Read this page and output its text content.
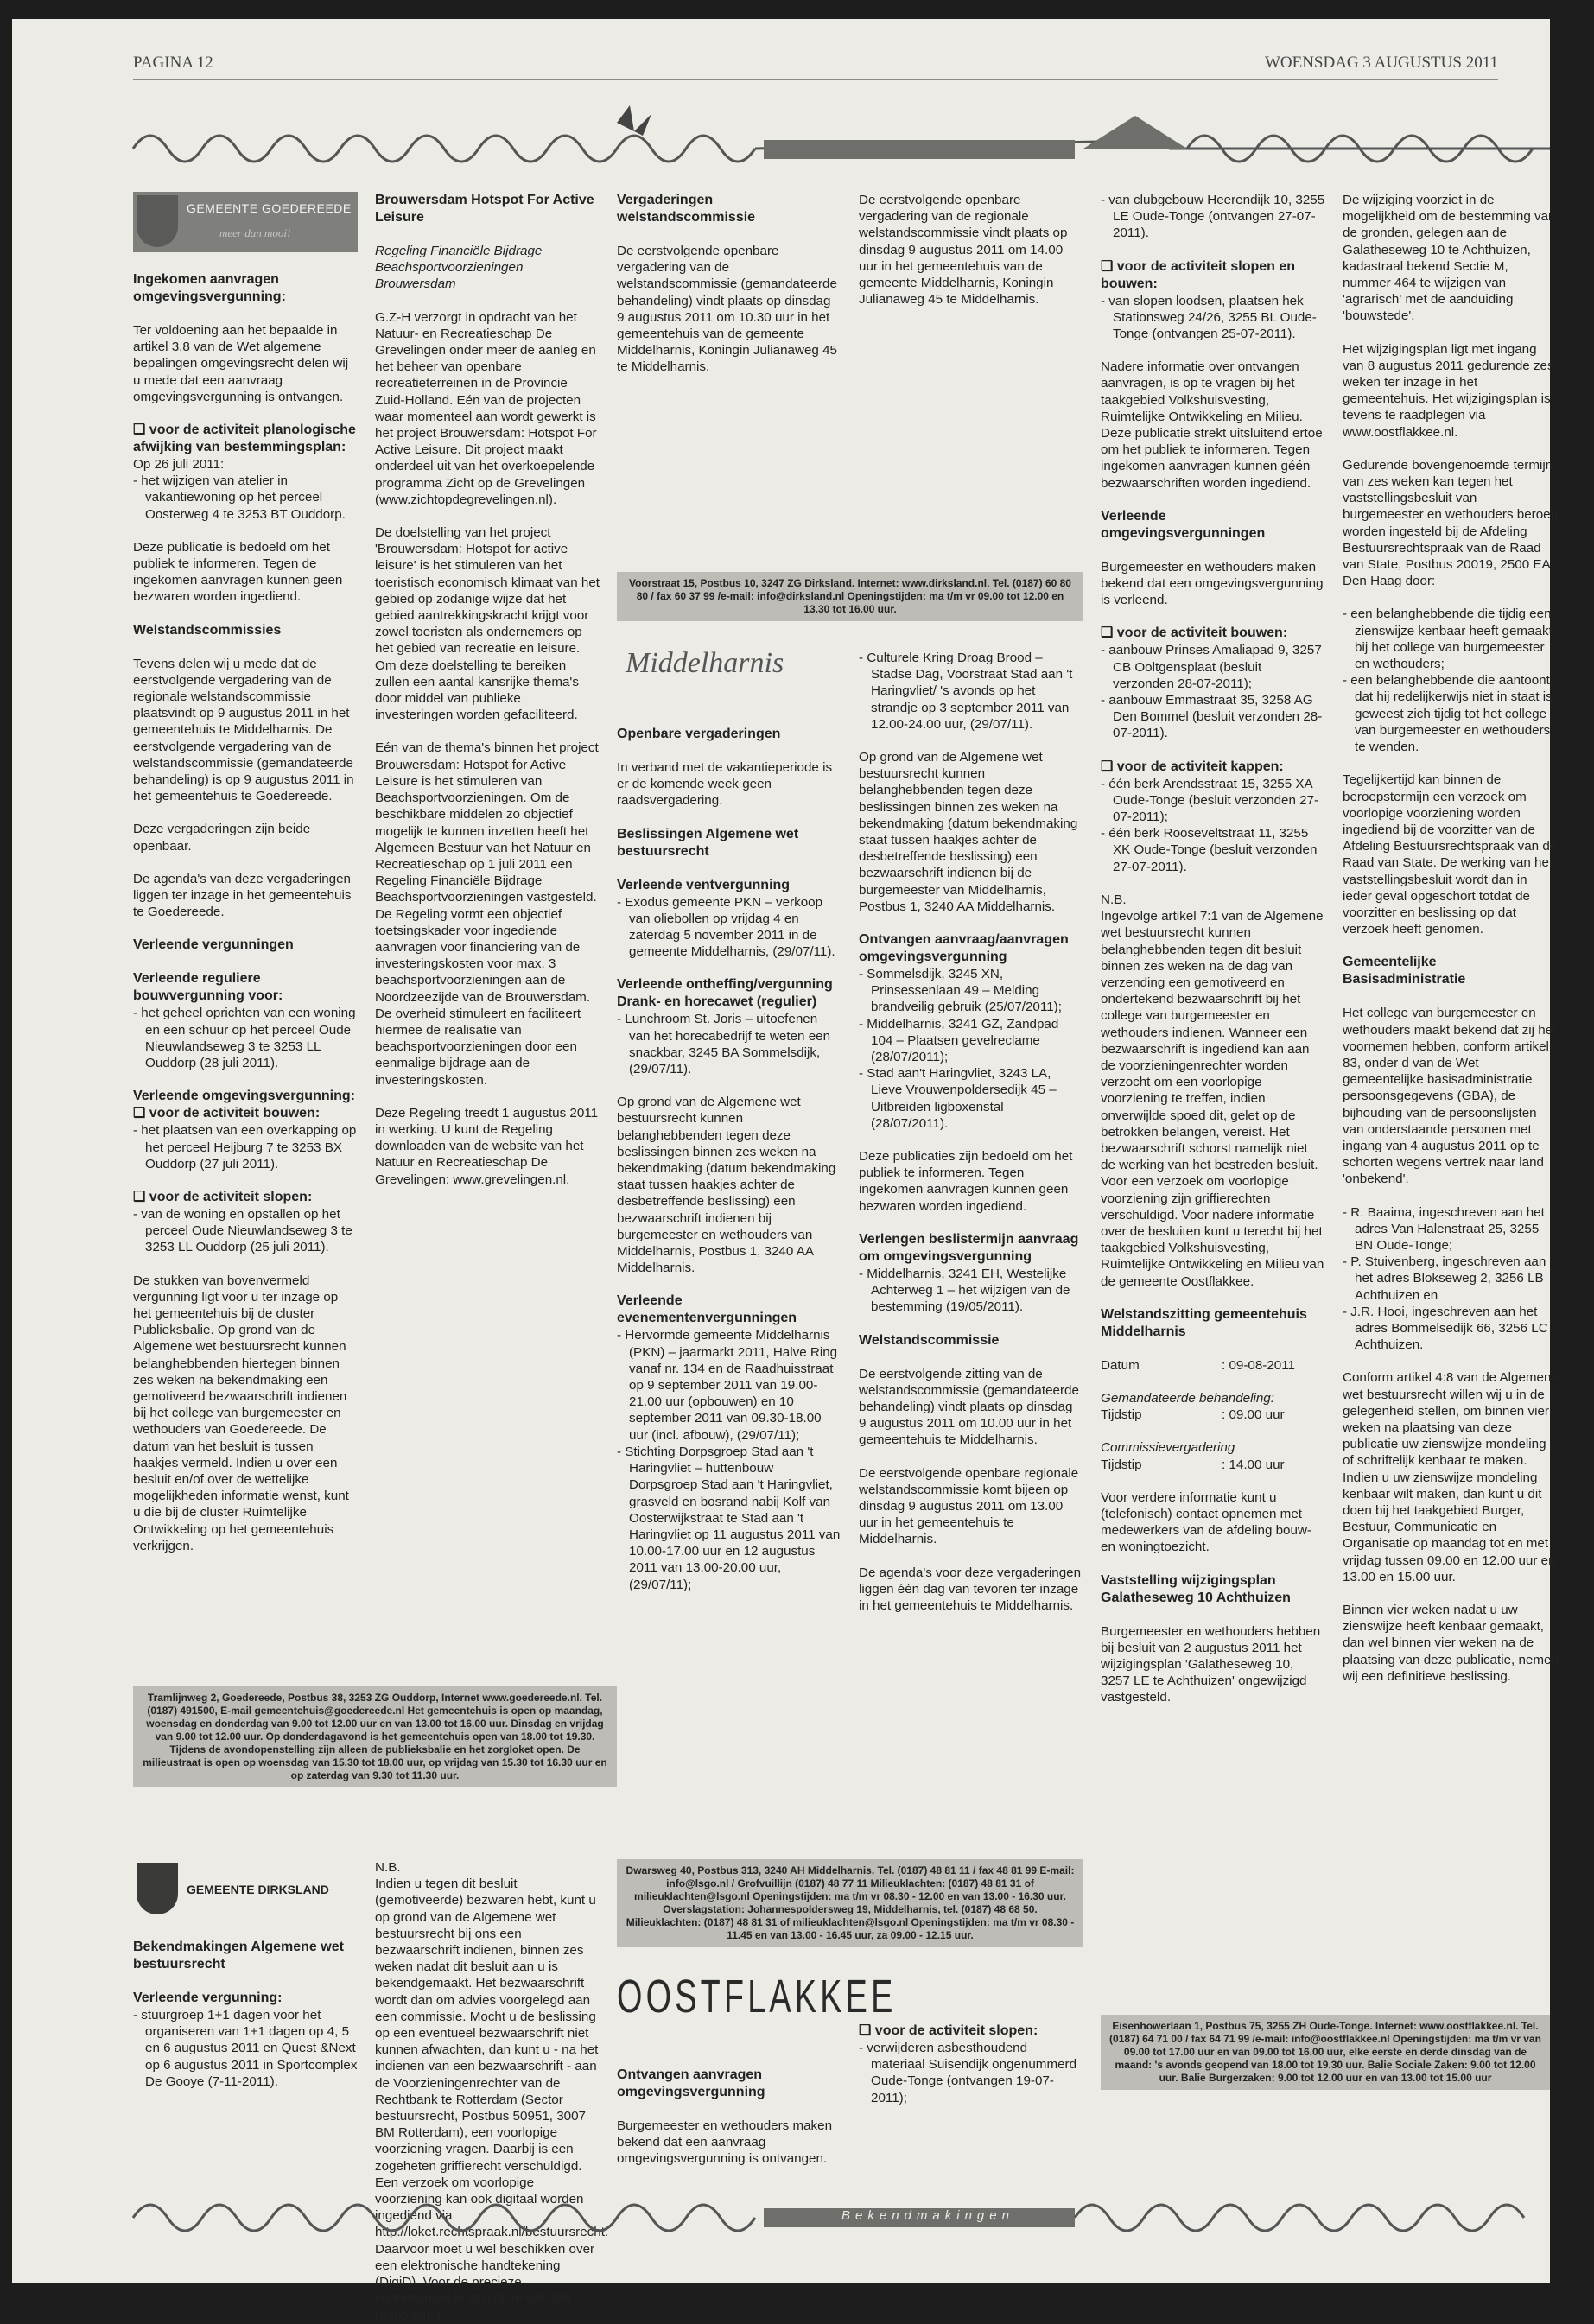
PAGINA 12	WOENSDAG 3 AUGUSTUS 2011
Bekendmakingen
GEMEENTE GOEDEREEDE
meer dan mooi!
Ingekomen aanvragen omgevingsvergunning:

Ter voldoening aan het bepaalde in artikel 3.8 van de Wet algemene bepalingen omgevingsrecht delen wij u mede dat een aanvraag omgevingsvergunning is ontvangen.

❑ voor de activiteit planologische afwijking van bestemmingsplan:
Op 26 juli 2011:
- het wijzigen van atelier in vakantiewoning op het perceel Oosterweg 4 te 3253 BT Ouddorp.

Deze publicatie is bedoeld om het publiek te informeren. Tegen de ingekomen aanvragen kunnen geen bezwaren worden ingediend.

Welstandscommissies

Tevens delen wij u mede dat de eerstvolgende vergadering van de regionale welstandscommissie plaatsvindt op 9 augustus 2011 in het gemeentehuis te Middelharnis. De eerstvolgende vergadering van de welstandscommissie (gemandateerde behandeling) is op 9 augustus 2011 in het gemeentehuis te Goedereede.

Deze vergaderingen zijn beide openbaar.

De agenda's van deze vergaderingen liggen ter inzage in het gemeentehuis te Goedereede.

Verleende vergunningen
Verleende reguliere bouwvergunning voor:
- het geheel oprichten van een woning en een schuur op het perceel Oude Nieuwlandseweg 3 te 3253 LL Ouddorp (28 juli 2011).
Verleende omgevingsvergunning:
❑ voor de activiteit bouwen:
- het plaatsen van een overkapping op het perceel Heijburg 7 te 3253 BX Ouddorp (27 juli 2011).
❑ voor de activiteit slopen:
- van de woning en opstallen op het perceel Oude Nieuwlandseweg 3 te 3253 LL Ouddorp (25 juli 2011).

De stukken van bovenvermeld vergunning ligt voor u ter inzage op het gemeentehuis bij de cluster Publieksbalie. Op grond van de Algemene wet bestuursrecht kunnen belanghebbenden hiertegen binnen zes weken na bekendmaking een gemotiveerd bezwaarschrift indienen bij het college van burgemeester en wethouders van Goedereede. De datum van het besluit is tussen haakjes vermeld. Indien u over een besluit en/of over de wettelijke mogelijkheden informatie wenst, kunt u die bij de cluster Ruimtelijke Ontwikkeling op het gemeentehuis verkrijgen.

Brouwersdam Hotspot For Active Leisure
Regeling Financiële Bijdrage Beachsportvoorzieningen Brouwersdam

G.Z-H verzorgt in opdracht van het Natuur- en Recreatieschap De Grevelingen onder meer de aanleg en het beheer van openbare recreatieterreinen in de Provincie Zuid-Holland. Eén van de projecten waar momenteel aan wordt gewerkt is het project Brouwersdam: Hotspot For Active Leisure. Dit project maakt onderdeel uit van het overkoepelende programma Zicht op de Grevelingen (www.zichtopdegrevelingen.nl).

De doelstelling van het project 'Brouwersdam: Hotspot for active leisure' is het stimuleren van het toeristisch economisch klimaat van het gebied op zodanige wijze dat het gebied aantrekkingskracht krijgt voor zowel toeristen als ondernemers op het gebied van recreatie en leisure. Om deze doelstelling te bereiken zullen een aantal kansrijke thema's door middel van publieke investeringen worden gefaciliteerd.

Eén van de thema's binnen het project Brouwersdam: Hotspot for Active Leisure is het stimuleren van Beachsportvoorzieningen. Om de beschikbare middelen zo objectief mogelijk te kunnen inzetten heeft het Algemeen Bestuur van het Natuur en Recreatieschap op 1 juli 2011 een Regeling Financiële Bijdrage Beachsportvoorzieningen vastgesteld. De Regeling vormt een objectief toetsingskader voor ingediende aanvragen voor financiering van de investeringskosten voor max. 3 beachsportvoorzieningen aan de Noordzeezijde van de Brouwersdam. De overheid stimuleert en faciliteert hiermee de realisatie van beachsportvoorzieningen door een eenmalige bijdrage aan de investeringskosten.

Deze Regeling treedt 1 augustus 2011 in werking. U kunt de Regeling downloaden van de website van het Natuur en Recreatieschap De Grevelingen: www.grevelingen.nl.

Tramlijnweg 2, Goedereede, Postbus 38, 3253 ZG Ouddorp, Internet www.goedereede.nl. Tel. (0187) 491500, E-mail gemeentehuis@goedereede.nl Het gemeentehuis is open op maandag, woensdag en donderdag van 9.00 tot 12.00 uur en van 13.00 tot 16.00 uur. Dinsdag en vrijdag van 9.00 tot 12.00 uur. Op donderdagavond is het gemeentehuis open van 18.00 tot 19.30. Tijdens de avondopenstelling zijn alleen de publieksbalie en het zorgloket open. De milieustraat is open op woensdag van 15.30 tot 18.00 uur, op vrijdag van 15.30 tot 16.30 uur en op zaterdag van 9.30 tot 11.30 uur.
GEMEENTE DIRKSLAND
Bekendmakingen Algemene wet bestuursrecht
Verleende vergunning:
- stuurgroep 1+1 dagen voor het organiseren van 1+1 dagen op 4, 5 en 6 augustus 2011 en Quest &Next op 6 augustus 2011 in Sportcomplex De Gooye (7-11-2011).
N.B.

Indien u tegen dit besluit (gemotiveerde) bezwaren hebt, kunt u op grond van de Algemene wet bestuursrecht bij ons een bezwaarschrift indienen, binnen zes weken nadat dit besluit aan u is bekendgemaakt. Het bezwaarschrift wordt dan om advies voorgelegd aan een commissie. Mocht u de beslissing op een eventueel bezwaarschrift niet kunnen afwachten, dan kunt u - na het indienen van een bezwaarschrift - aan de Voorzieningenrechter van de Rechtbank te Rotterdam (Sector bestuursrecht, Postbus 50951, 3007 BM Rotterdam), een voorlopige voorziening vragen. Daarbij is een zogeheten griffierecht verschuldigd. Een verzoek om voorlopige voorziening kan ook digitaal worden ingediend via http://loket.rechtspraak.nl/bestuursrecht. Daarvoor moet u wel beschikken over een elektronische handtekening (DigiD). Voor de precieze voorwaarden kunt u deze website raadplegen.

Vergaderingen welstandscommissie

De eerstvolgende openbare vergadering van de welstandscommissie (gemandateerde behandeling) vindt plaats op dinsdag 9 augustus 2011 om 10.30 uur in het gemeentehuis van de gemeente Middelharnis, Koningin Julianaweg 45 te Middelharnis.

De eerstvolgende openbare vergadering van de regionale welstandscommissie vindt plaats op dinsdag 9 augustus 2011 om 14.00 uur in het gemeentehuis van de gemeente Middelharnis, Koningin Julianaweg 45 te Middelharnis.

Voorstraat 15, Postbus 10, 3247 ZG Dirksland. Internet: www.dirksland.nl. Tel. (0187) 60 80 80 / fax 60 37 99 /e-mail: info@dirksland.nl Openingstijden: ma t/m vr 09.00 tot 12.00 en 13.30 tot 16.00 uur.
Middelharnis
Openbare vergaderingen

In verband met de vakantieperiode is er de komende week geen raadsvergadering.

Beslissingen Algemene wet bestuursrecht
Verleende ventvergunning
- Exodus gemeente PKN – verkoop van oliebollen op vrijdag 4 en zaterdag 5 november 2011 in de gemeente Middelharnis, (29/07/11).
Verleende ontheffing/vergunning Drank- en horecawet (regulier)
- Lunchroom St. Joris – uitoefenen van het horecabedrijf te weten een snackbar, 3245 BA Sommelsdijk, (29/07/11).

Op grond van de Algemene wet bestuursrecht kunnen belanghebbenden tegen deze beslissingen binnen zes weken na bekendmaking (datum bekendmaking staat tussen haakjes achter de desbetreffende beslissing) een bezwaarschrift indienen bij burgemeester en wethouders van Middelharnis, Postbus 1, 3240 AA Middelharnis.

Verleende evenementenvergunningen
- Hervormde gemeente Middelharnis (PKN) – jaarmarkt 2011, Halve Ring vanaf nr. 134 en de Raadhuisstraat op 9 september 2011 van 19.00- 21.00 uur (opbouwen) en 10 september 2011 van 09.30-18.00 uur (incl. afbouw), (29/07/11);
- Stichting Dorpsgroep Stad aan 't Haringvliet – huttenbouw Dorpsgroep Stad aan 't Haringvliet, grasveld en bosrand nabij Kolf van Oosterwijkstraat te Stad aan 't Haringvliet op 11 augustus 2011 van 10.00-17.00 uur en 12 augustus 2011 van 13.00-20.00 uur, (29/07/11);
- Culturele Kring Droag Brood – Stadse Dag, Voorstraat Stad aan 't Haringvliet/ 's avonds op het strandje op 3 september 2011 van 12.00-24.00 uur, (29/07/11).

Op grond van de Algemene wet bestuursrecht kunnen belanghebbenden tegen deze beslissingen binnen zes weken na bekendmaking (datum bekendmaking staat tussen haakjes achter de desbetreffende beslissing) een bezwaarschrift indienen bij de burgemeester van Middelharnis, Postbus 1, 3240 AA Middelharnis.

Ontvangen aanvraag/aanvragen omgevingsvergunning
- Sommelsdijk, 3245 XN, Prinsessenlaan 49 – Melding brandveilig gebruik (25/07/2011);
- Middelharnis, 3241 GZ, Zandpad 104 – Plaatsen gevelreclame (28/07/2011);
- Stad aan't Haringvliet, 3243 LA, Lieve Vrouwenpoldersedijk 45 – Uitbreiden ligboxenstal (28/07/2011).

Deze publicaties zijn bedoeld om het publiek te informeren. Tegen ingekomen aanvragen kunnen geen bezwaren worden ingediend.

Verlengen beslistermijn aanvraag om omgevingsvergunning
- Middelharnis, 3241 EH, Westelijke Achterweg 1 – het wijzigen van de bestemming (19/05/2011).
Welstandscommissie

De eerstvolgende zitting van de welstandscommissie (gemandateerde behandeling) vindt plaats op dinsdag 9 augustus 2011 om 10.00 uur in het gemeentehuis te Middelharnis.

De eerstvolgende openbare regionale welstandscommissie komt bijeen op dinsdag 9 augustus 2011 om 13.00 uur in het gemeentehuis te Middelharnis.

De agenda's voor deze vergaderingen liggen één dag van tevoren ter inzage in het gemeentehuis te Middelharnis.

Dwarsweg 40, Postbus 313, 3240 AH Middelharnis. Tel. (0187) 48 81 11 / fax 48 81 99 E-mail: info@lsgo.nl / Grofvuillijn (0187) 48 77 11 Milieuklachten: (0187) 48 81 31 of milieuklachten@lsgo.nl Openingstijden: ma t/m vr 08.30 - 12.00 en van 13.00 - 16.30 uur. Overslagstation: Johannespoldersweg 19, Middelharnis, tel. (0187) 48 68 50. Milieuklachten: (0187) 48 81 31 of milieuklachten@lsgo.nl Openingstijden: ma t/m vr 08.30 - 11.45 en van 13.00 - 16.45 uur, za 09.00 - 12.15 uur.
OOSTFLAKKEE
Ontvangen aanvragen omgevingsvergunning

Burgemeester en wethouders maken bekend dat een aanvraag omgevingsvergunning is ontvangen.

❑ voor de activiteit slopen:
- verwijderen asbesthoudend materiaal Suisendijk ongenummerd Oude-Tonge (ontvangen 19-07-2011);
- van clubgebouw Heerendijk 10, 3255 LE Oude-Tonge (ontvangen 27-07-2011).
❑ voor de activiteit slopen en bouwen:
- van slopen loodsen, plaatsen hek Stationsweg 24/26, 3255 BL Oude-Tonge (ontvangen 25-07-2011).

Nadere informatie over ontvangen aanvragen, is op te vragen bij het taakgebied Volkshuisvesting, Ruimtelijke Ontwikkeling en Milieu. Deze publicatie strekt uitsluitend ertoe om het publiek te informeren. Tegen ingekomen aanvragen kunnen géén bezwaarschriften worden ingediend.

Verleende omgevingsvergunningen

Burgemeester en wethouders maken bekend dat een omgevingsvergunning is verleend.

❑ voor de activiteit bouwen:
- aanbouw Prinses Amaliapad 9, 3257 CB Ooltgensplaat (besluit verzonden 28-07-2011);
- aanbouw Emmastraat 35, 3258 AG Den Bommel (besluit verzonden 28-07-2011).
❑ voor de activiteit kappen:
- één berk Arendsstraat 15, 3255 XA Oude-Tonge (besluit verzonden 27-07-2011);
- één berk Rooseveltstraat 11, 3255 XK Oude-Tonge (besluit verzonden 27-07-2011).
N.B.

Ingevolge artikel 7:1 van de Algemene wet bestuursrecht kunnen belanghebbenden tegen dit besluit binnen zes weken na de dag van verzending een gemotiveerd en ondertekend bezwaarschrift bij het college van burgemeester en wethouders indienen. Wanneer een bezwaarschrift is ingediend kan aan de voorzieningenrechter worden verzocht om een voorlopige voorziening te treffen, indien onverwijlde spoed dit, gelet op de betrokken belangen, vereist. Het bezwaarschrift schorst namelijk niet de werking van het bestreden besluit. Voor een verzoek om voorlopige voorziening zijn griffierechten verschuldigd. Voor nadere informatie over de besluiten kunt u terecht bij het taakgebied Volkshuisvesting, Ruimtelijke Ontwikkeling en Milieu van de gemeente Oostflakkee.

Welstandszitting gemeentehuis Middelharnis
Datum	: 09-08-2011
Gemandateerde behandeling:
Tijdstip	: 09.00 uur
Commissievergadering
Tijdstip	: 14.00 uur

Voor verdere informatie kunt u (telefonisch) contact opnemen met medewerkers van de afdeling bouw- en woningtoezicht.

Vaststelling wijzigingsplan Galatheseweg 10 Achthuizen

Burgemeester en wethouders hebben bij besluit van 2 augustus 2011 het wijzigingsplan 'Galatheseweg 10, 3257 LE te Achthuizen' ongewijzigd vastgesteld.

De wijziging voorziet in de mogelijkheid om de bestemming van de gronden, gelegen aan de Galatheseweg 10 te Achthuizen, kadastraal bekend Sectie M, nummer 464 te wijzigen van 'agrarisch' met de aanduiding 'bouwstede'.

Het wijzigingsplan ligt met ingang van 8 augustus 2011 gedurende zes weken ter inzage in het gemeentehuis. Het wijzigingsplan is tevens te raadplegen via www.oostflakkee.nl.

Gedurende bovengenoemde termijn van zes weken kan tegen het vaststellingsbesluit van burgemeester en wethouders beroep worden ingesteld bij de Afdeling Bestuursrechtspraak van de Raad van State, Postbus 20019, 2500 EA Den Haag door:

- een belanghebbende die tijdig een zienswijze kenbaar heeft gemaakt bij het college van burgemeester en wethouders;
- een belanghebbende die aantoont dat hij redelijkerwijs niet in staat is geweest zich tijdig tot het college van burgemeester en wethouders te wenden.

Tegelijkertijd kan binnen de beroepstermijn een verzoek om voorlopige voorziening worden ingediend bij de voorzitter van de Afdeling Bestuursrechtspraak van de Raad van State. De werking van het vaststellingsbesluit wordt dan in ieder geval opgeschort totdat de voorzitter en beslissing op dat verzoek heeft genomen.

Gemeentelijke Basisadministratie

Het college van burgemeester en wethouders maakt bekend dat zij het voornemen hebben, conform artikel 83, onder d van de Wet gemeentelijke basisadministratie persoonsgegevens (GBA), de bijhouding van de persoonslijsten van onderstaande personen met ingang van 4 augustus 2011 op te schorten wegens vertrek naar land 'onbekend'.

- R. Baaima, ingeschreven aan het adres Van Halenstraat 25, 3255 BN Oude-Tonge;
- P. Stuivenberg, ingeschreven aan het adres Blokseweg 2, 3256 LB Achthuizen en
- J.R. Hooi, ingeschreven aan het adres Bommelsedijk 66, 3256 LC Achthuizen.

Conform artikel 4:8 van de Algemene wet bestuursrecht willen wij u in de gelegenheid stellen, om binnen vier weken na plaatsing van deze publicatie uw zienswijze mondeling of schriftelijk kenbaar te maken. Indien u uw zienswijze mondeling kenbaar wilt maken, dan kunt u dit doen bij het taakgebied Burger, Bestuur, Communicatie en Organisatie op maandag tot en met vrijdag tussen 09.00 en 12.00 uur en 13.00 en 15.00 uur.

Binnen vier weken nadat u uw zienswijze heeft kenbaar gemaakt, dan wel binnen vier weken na de plaatsing van deze publicatie, nemen wij een definitieve beslissing.

Eisenhowerlaan 1, Postbus 75, 3255 ZH Oude-Tonge. Internet: www.oostflakkee.nl. Tel. (0187) 64 71 00 / fax 64 71 99 /e-mail: info@oostflakkee.nl Openingstijden: ma t/m vr van 09.00 tot 17.00 uur en van 09.00 tot 16.00 uur, elke eerste en derde dinsdag van de maand: 's avonds geopend van 18.00 tot 19.30 uur. Balie Sociale Zaken: 9.00 tot 12.00 uur. Balie Burgerzaken: 9.00 tot 12.00 uur en van 13.00 tot 15.00 uur
Bekendmakingen
